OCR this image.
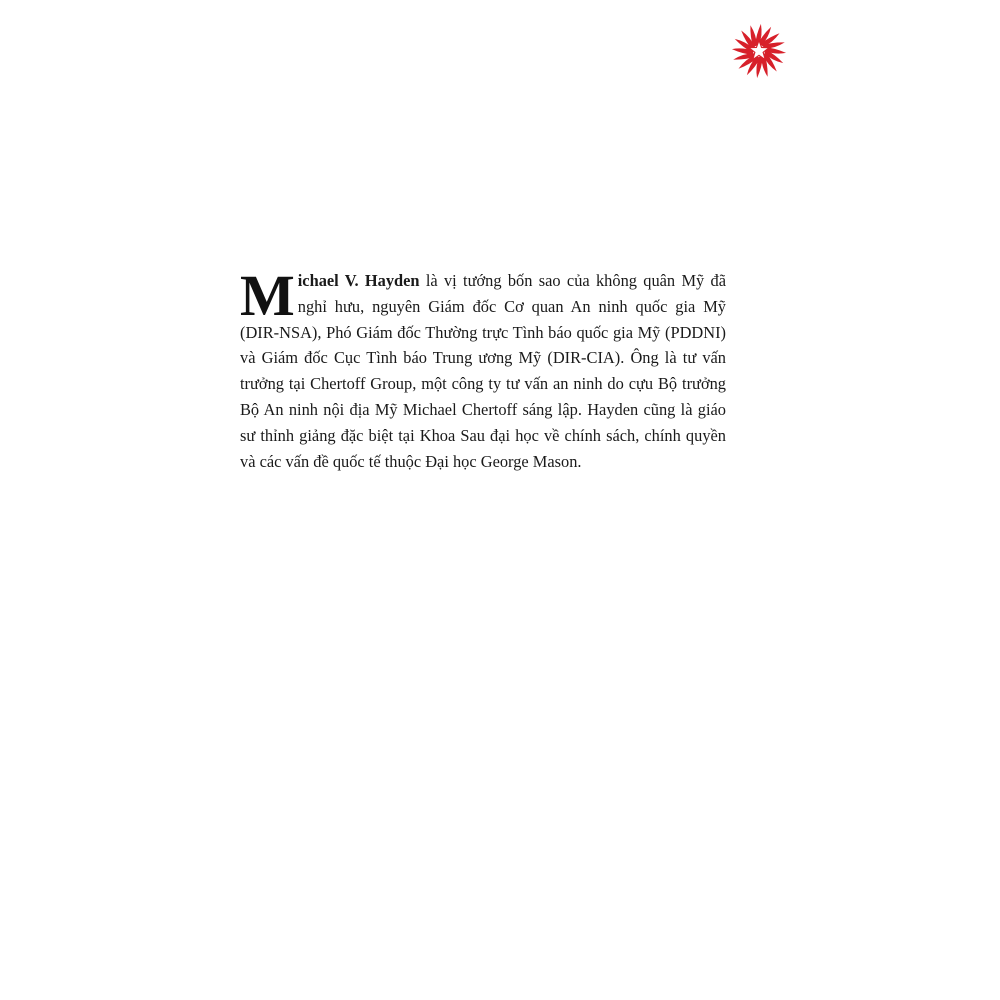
Michael V. Hayden là vị tướng bốn sao của không quân Mỹ đã nghỉ hưu, nguyên Giám đốc Cơ quan An ninh quốc gia Mỹ (DIR-NSA), Phó Giám đốc Thường trực Tình báo quốc gia Mỹ (PDDNI) và Giám đốc Cục Tình báo Trung ương Mỹ (DIR-CIA). Ông là tư vấn trưởng tại Chertoff Group, một công ty tư vấn an ninh do cựu Bộ trưởng Bộ An ninh nội địa Mỹ Michael Chertoff sáng lập. Hayden cũng là giáo sư thỉnh giảng đặc biệt tại Khoa Sau đại học về chính sách, chính quyền và các vấn đề quốc tế thuộc Đại học George Mason.
